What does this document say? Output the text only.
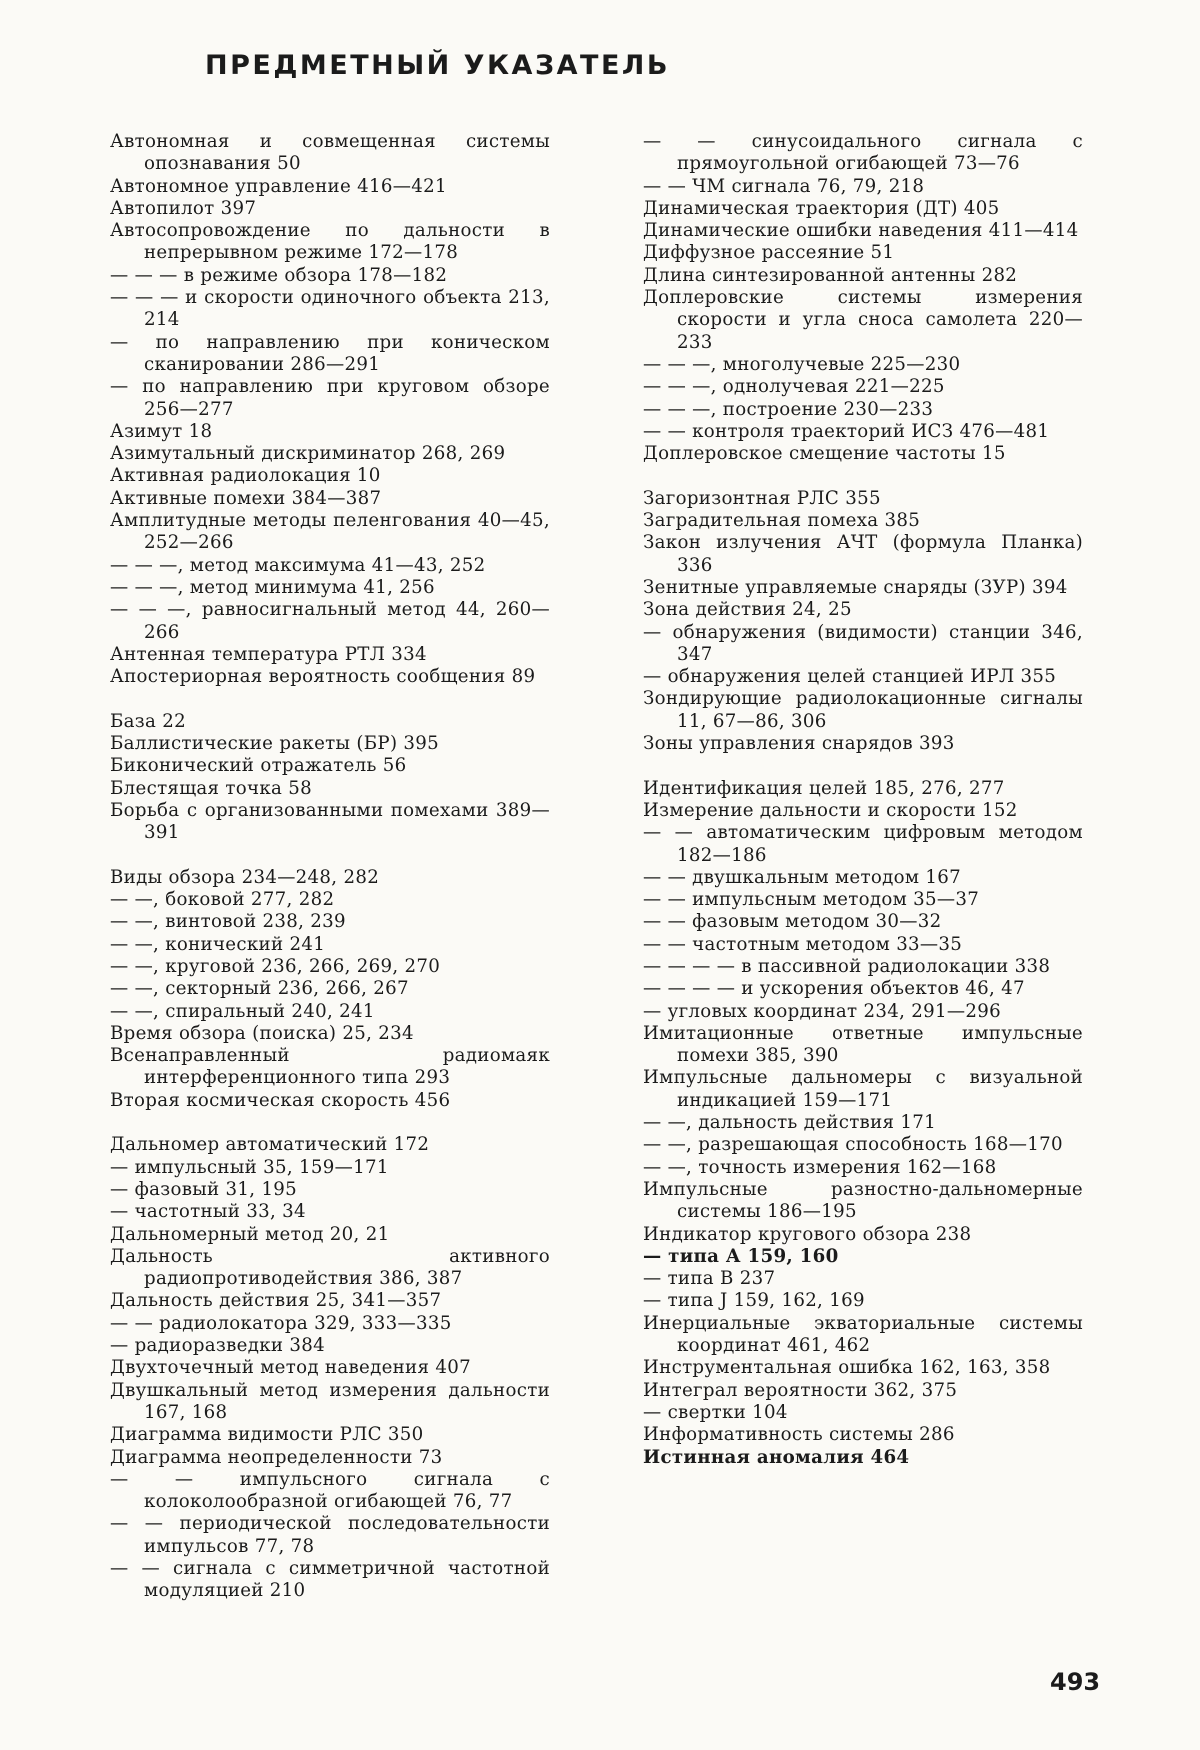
ПРЕДМЕТНЫЙ УКАЗАТЕЛЬ
Автономная и совмещенная системы опознавания 50
Автономное управление 416—421
Автопилот 397
Автосопровождение по дальности в непрерывном режиме 172—178
— — — в режиме обзора 178—182
— — — и скорости одиночного объекта 213, 214
— по направлению при коническом сканировании 286—291
— по направлению при круговом обзоре 256—277
Азимут 18
Азимутальный дискриминатор 268, 269
Активная радиолокация 10
Активные помехи 384—387
Амплитудные методы пеленгования 40—45, 252—266
— — —, метод максимума 41—43, 252
— — —, метод минимума 41, 256
— — —, равносигнальный метод 44, 260—266
Антенная температура РТЛ 334
Апостериорная вероятность сообщения 89
База 22
Баллистические ракеты (БР) 395
Биконический отражатель 56
Блестящая точка 58
Борьба с организованными помехами 389—391
Виды обзора 234—248, 282
— —, боковой 277, 282
— —, винтовой 238, 239
— —, конический 241
— —, круговой 236, 266, 269, 270
— —, секторный 236, 266, 267
— —, спиральный 240, 241
Время обзора (поиска) 25, 234
Всенаправленный радиомаяк интерференционного типа 293
Вторая космическая скорость 456
Дальномер автоматический 172
— импульсный 35, 159—171
— фазовый 31, 195
— частотный 33, 34
Дальномерный метод 20, 21
Дальность активного радиопротиводействия 386, 387
Дальность действия 25, 341—357
— — радиолокатора 329, 333—335
— радиоразведки 384
Двухточечный метод наведения 407
Двушкальный метод измерения дальности 167, 168
Диаграмма видимости РЛС 350
Диаграмма неопределенности 73
— — импульсного сигнала с колоколообразной огибающей 76, 77
— — периодической последовательности импульсов 77, 78
— — сигнала с симметричной частотной модуляцией 210
— — синусоидального сигнала с прямоугольной огибающей 73—76
— — ЧМ сигнала 76, 79, 218
Динамическая траектория (ДТ) 405
Динамические ошибки наведения 411—414
Диффузное рассеяние 51
Длина синтезированной антенны 282
Доплеровские системы измерения скорости и угла сноса самолета 220—233
— — —, многолучевые 225—230
— — —, однолучевая 221—225
— — —, построение 230—233
— — контроля траекторий ИСЗ 476—481
Доплеровское смещение частоты 15
Загоризонтная РЛС 355
Заградительная помеха 385
Закон излучения АЧТ (формула Планка) 336
Зенитные управляемые снаряды (ЗУР) 394
Зона действия 24, 25
— обнаружения (видимости) станции 346, 347
— обнаружения целей станцией ИРЛ 355
Зондирующие радиолокационные сигналы 11, 67—86, 306
Зоны управления снарядов 393
Идентификация целей 185, 276, 277
Измерение дальности и скорости 152
— — автоматическим цифровым методом 182—186
— — двушкальным методом 167
— — импульсным методом 35—37
— — фазовым методом 30—32
— — частотным методом 33—35
— — — — в пассивной радиолокации 338
— — — — и ускорения объектов 46, 47
— угловых координат 234, 291—296
Имитационные ответные импульсные помехи 385, 390
Импульсные дальномеры с визуальной индикацией 159—171
— —, дальность действия 171
— —, разрешающая способность 168—170
— —, точность измерения 162—168
Импульсные разностно-дальномерные системы 186—195
Индикатор кругового обзора 238
— типа А 159, 160
— типа В 237
— типа J 159, 162, 169
Инерциальные экваториальные системы координат 461, 462
Инструментальная ошибка 162, 163, 358
Интеграл вероятности 362, 375
— свертки 104
Информативность системы 286
Истинная аномалия 464
493
